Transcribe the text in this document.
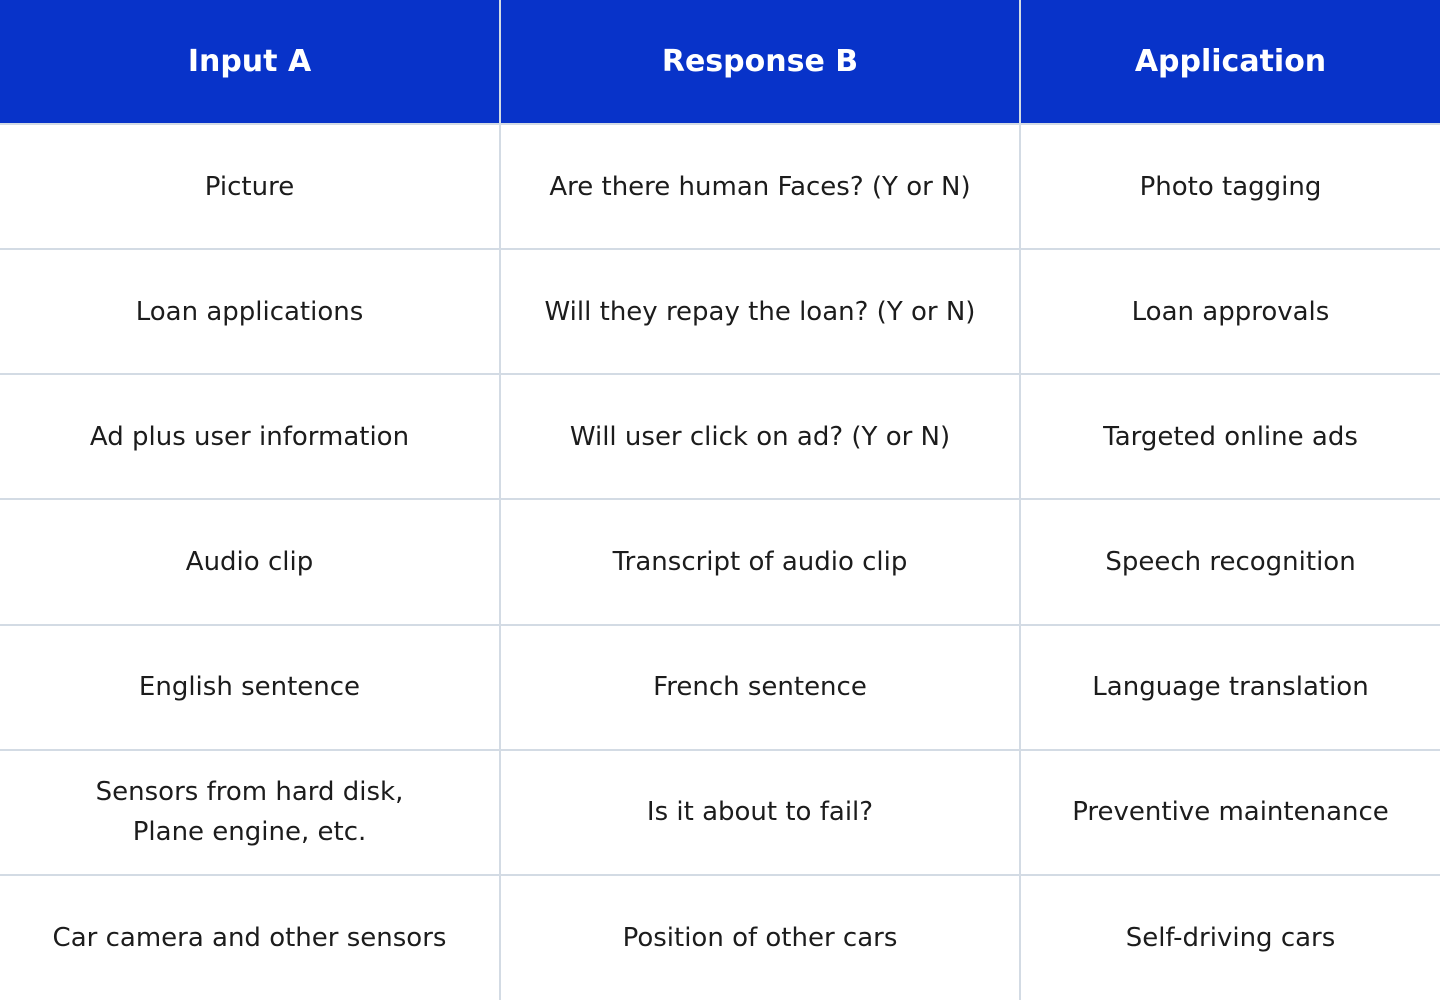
Input A	Response B	Application
Picture	Are there human Faces? (Y or N)	Photo tagging
Loan applications	Will they repay the loan? (Y or N)	Loan approvals
Ad plus user information	Will user click on ad? (Y or N)	Targeted online ads
Audio clip	Transcript of audio clip	Speech recognition
English sentence	French sentence	Language translation

Sensors from hard disk,
Plane engine, etc.	Is it about to fail?	Preventive maintenance
Car camera and other sensors	Position of other cars	Self-driving cars
